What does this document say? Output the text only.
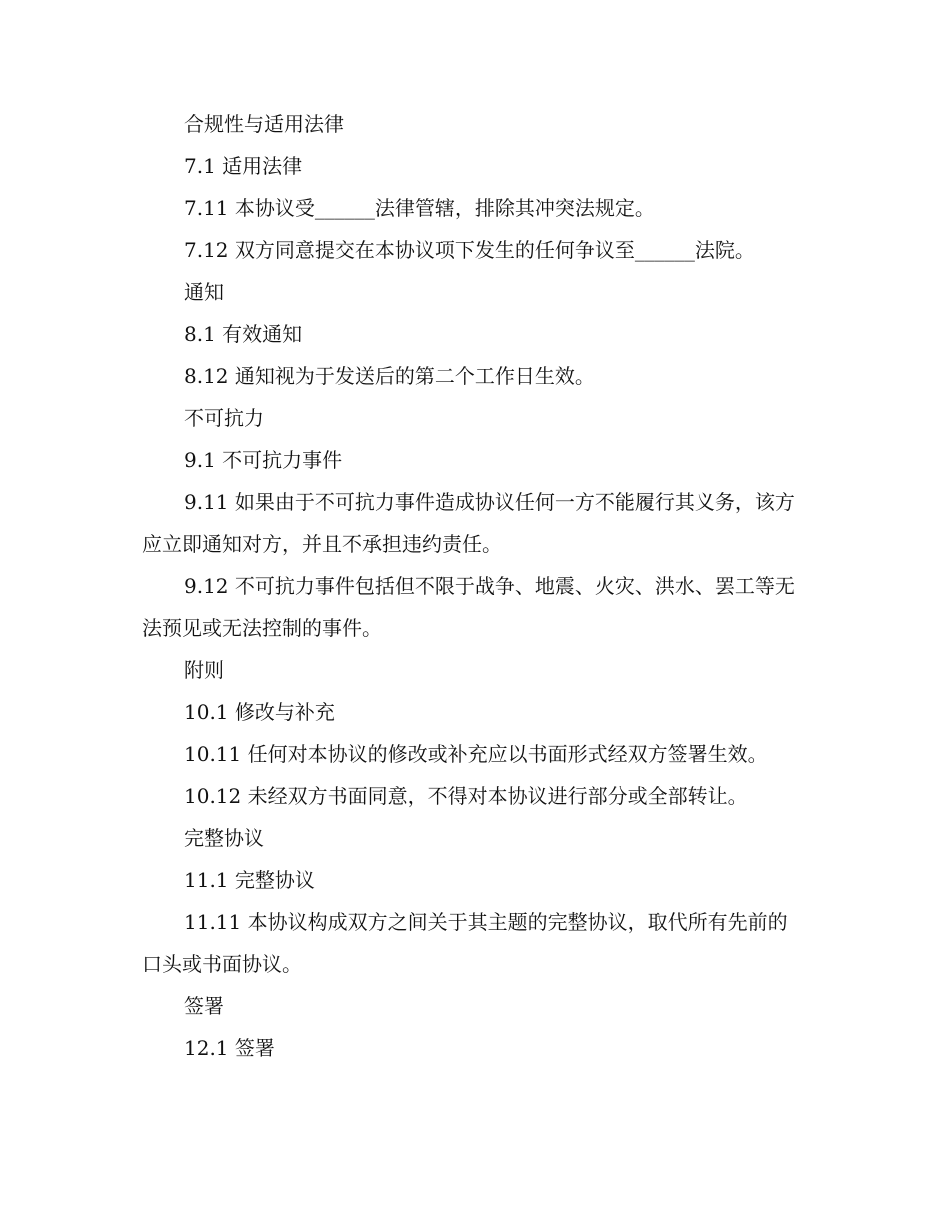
合规性与适用法律

7.1 适用法律

7.11 本协议受______法律管辖，排除其冲突法规定。

7.12 双方同意提交在本协议项下发生的任何争议至______法院。

通知

8.1 有效通知

8.12 通知视为于发送后的第二个工作日生效。

不可抗力

9.1 不可抗力事件

9.11 如果由于不可抗力事件造成协议任何一方不能履行其义务，该方应立即通知对方，并且不承担违约责任。

9.12 不可抗力事件包括但不限于战争、地震、火灾、洪水、罢工等无法预见或无法控制的事件。

附则

10.1 修改与补充

10.11 任何对本协议的修改或补充应以书面形式经双方签署生效。

10.12 未经双方书面同意，不得对本协议进行部分或全部转让。

完整协议

11.1 完整协议

11.11 本协议构成双方之间关于其主题的完整协议，取代所有先前的口头或书面协议。

签署

12.1 签署
